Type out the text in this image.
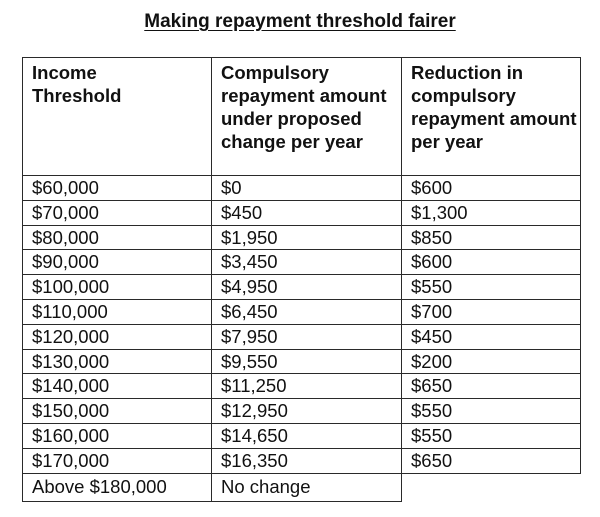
Making repayment threshold fairer
Income Threshold	Compulsory repayment amount under proposed change per year	Reduction in compulsory repayment amount per year
$60,000	$0	$600
$70,000	$450	$1,300
$80,000	$1,950	$850
$90,000	$3,450	$600
$100,000	$4,950	$550
$110,000	$6,450	$700
$120,000	$7,950	$450
$130,000	$9,550	$200
$140,000	$11,250	$650
$150,000	$12,950	$550
$160,000	$14,650	$550
$170,000	$16,350	$650
Above $180,000	No change	
